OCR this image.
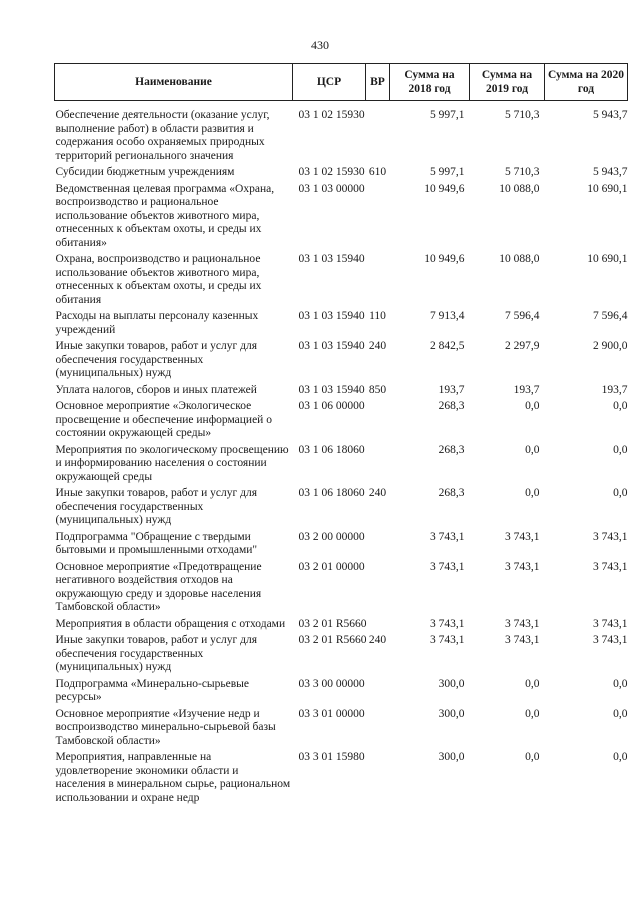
430
Наименование	ЦСР	ВР	Сумма на 2018 год	Сумма на 2019 год	Сумма на 2020 год
Обеспечение деятельности (оказание услуг, выполнение работ) в области развития и содержания особо охраняемых природных территорий регионального значения	03 1 02 15930		5 997,1	5 710,3	5 943,7
Субсидии бюджетным учреждениям	03 1 02 15930	610	5 997,1	5 710,3	5 943,7
Ведомственная целевая программа «Охрана, воспроизводство и рациональное использование объектов животного мира, отнесенных к объектам охоты, и среды их обитания»	03 1 03 00000		10 949,6	10 088,0	10 690,1
Охрана, воспроизводство и рациональное использование объектов животного мира, отнесенных к объектам охоты, и среды их обитания	03 1 03 15940		10 949,6	10 088,0	10 690,1
Расходы на выплаты персоналу казенных учреждений	03 1 03 15940	110	7 913,4	7 596,4	7 596,4
Иные закупки товаров, работ и услуг для обеспечения государственных (муниципальных) нужд	03 1 03 15940	240	2 842,5	2 297,9	2 900,0
Уплата налогов, сборов и иных платежей	03 1 03 15940	850	193,7	193,7	193,7
Основное мероприятие «Экологическое просвещение и обеспечение информацией о состоянии окружающей среды»	03 1 06 00000		268,3	0,0	0,0
Мероприятия по экологическому просвещению и информированию населения о состоянии окружающей среды	03 1 06 18060		268,3	0,0	0,0
Иные закупки товаров, работ и услуг для обеспечения государственных (муниципальных) нужд	03 1 06 18060	240	268,3	0,0	0,0
Подпрограмма "Обращение с твердыми бытовыми и промышленными отходами"	03 2 00 00000		3 743,1	3 743,1	3 743,1
Основное мероприятие «Предотвращение негативного воздействия отходов на окружающую среду и здоровье населения Тамбовской области»	03 2 01 00000		3 743,1	3 743,1	3 743,1
Мероприятия в области обращения с отходами	03 2 01 R5660		3 743,1	3 743,1	3 743,1
Иные закупки товаров, работ и услуг для обеспечения государственных (муниципальных) нужд	03 2 01 R5660	240	3 743,1	3 743,1	3 743,1
Подпрограмма «Минерально-сырьевые ресурсы»	03 3 00 00000		300,0	0,0	0,0
Основное мероприятие «Изучение недр и воспроизводство минерально-сырьевой базы Тамбовской области»	03 3 01 00000		300,0	0,0	0,0
Мероприятия, направленные на удовлетворение экономики области и населения в минеральном сырье, рациональном использовании и охране недр	03 3 01 15980		300,0	0,0	0,0
